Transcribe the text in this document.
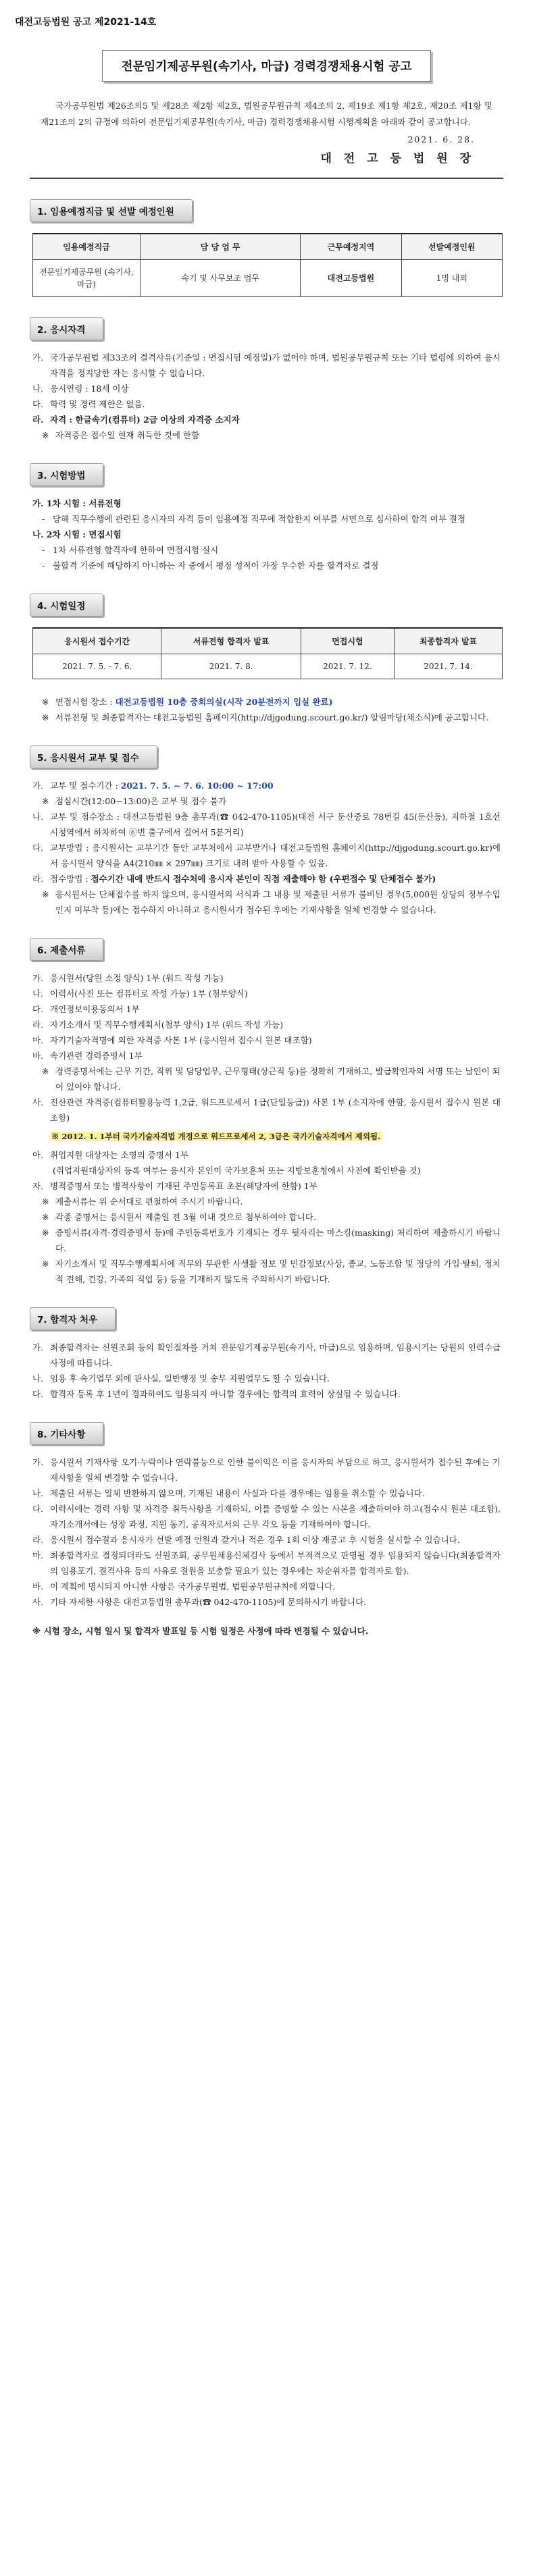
대전고등법원 공고 제2021-14호
전문임기제공무원(속기사, 마급) 경력경쟁채용시험 공고
국가공무원법 제26조의5 및 제28조 제2항 제2호, 법원공무원규칙 제4조의 2, 제19조 제1항 제2호, 제20조 제1항 및 제21조의 2의 규정에 의하여 전문임기제공무원(속기사, 마급) 경력경쟁채용시험 시행계획을 아래와 같이 공고합니다.
2021. 6. 28.
대 전 고 등 법 원 장
1. 임용예정직급 및 선발 예정인원
임용예정직급	담 당 업 무	근무예정지역	선발예정인원
전문임기제공무원 (속기사, 마급)	속기 및 사무보조 업무	대전고등법원	1명 내외
2. 응시자격
가. 국가공무원법 제33조의 결격사유(기준일 : 면접시험 예정일)가 없어야 하며, 법원공무원규칙 또는 기타 법령에 의하여 응시자격을 정지당한 자는 응시할 수 없습니다.
나. 응시연령 : 18세 이상
다. 학력 및 경력 제한은 없음.
라. 자격 : 한글속기(컴퓨터) 2급 이상의 자격증 소지자
※ 자격증은 접수일 현재 취득한 것에 한함
3. 시험방법
가. 1차 시험 : 서류전형
- 당해 직무수행에 관련된 응시자의 자격 등이 임용예정 직무에 적합한지 여부를 서면으로 심사하여 합격 여부 결정
나. 2차 시험 : 면접시험
- 1차 서류전형 합격자에 한하여 면접시험 실시
- 불합격 기준에 해당하지 아니하는 자 중에서 평정 성적이 가장 우수한 자를 합격자로 결정
4. 시험일정
응시원서 접수기간	서류전형 합격자 발표	면접시험	최종합격자 발표
2021. 7. 5. - 7. 6.	2021. 7. 8.	2021. 7. 12.	2021. 7. 14.
※ 면접시험 장소 : 대전고등법원 10층 중회의실(시작 20분전까지 입실 완료)
※ 서류전형 및 최종합격자는 대전고등법원 홈페이지(http://djgodung.scourt.go.kr/) 알림마당(채소식)에 공고합니다.
5. 응시원서 교부 및 접수
가. 교부 및 접수기간 : 2021. 7. 5. ~ 7. 6. 10:00 ~ 17:00
※ 점심시간(12:00~13:00)은 교부 및 접수 불가
나. 교부 및 접수장소 : 대전고등법원 9층 총무과(☎ 042-470-1105)(대전 서구 둔산중로 78번길 45(둔산동), 지하철 1호선 시청역에서 하차하여 ⑥번 출구에서 걸어서 5분거리)
다. 교부방법 : 응시원서는 교부기간 동안 교부처에서 교부받거나 대전고등법원 홈페이지(http://djgodung.scourt.go.kr)에서 응시원서 양식을 A4(210㎜ × 297㎜) 크기로 내려 받아 사용할 수 있음.
라. 접수방법 : 접수기간 내에 반드시 접수처에 응시자 본인이 직접 제출해야 함 (우편접수 및 단체접수 불가)
※ 응시원서는 단체접수를 하지 않으며, 응시원서의 서식과 그 내용 및 제출된 서류가 불비된 경우(5,000원 상당의 정부수입인지 미부착 등)에는 접수하지 아니하고 응시원서가 접수된 후에는 기재사항을 일체 변경할 수 없습니다.
6. 제출서류
가. 응시원서(당원 소정 양식) 1부 (워드 작성 가능)
나. 이력서(사진 또는 컴퓨터로 작성 가능) 1부 (첨부양식)
다. 개인정보이용동의서 1부
라. 자기소개서 및 직무수행계획서(첨부 양식) 1부 (워드 작성 가능)
마. 자기기술자격명에 의한 자격증 사본 1부 (응시원서 접수시 원본 대조함)
바. 속기관련 경력증명서 1부
※ 경력증명서에는 근무 기간, 직위 및 담당업무, 근무형태(상근직 등)를 정확히 기재하고, 발급확인자의 서명 또는 날인이 되어 있어야 합니다.
사. 전산관련 자격증(컴퓨터활용능력 1,2급, 워드프로세서 1급(단일등급)) 사본 1부 (소지자에 한함, 응시원서 접수시 원본 대조함)
※ 2012. 1. 1부터 국가기술자격법 개정으로 워드프로세서 2, 3급은 국가기술자격에서 제외됨.
아. 취업지원 대상자는 소명의 증명서 1부
(취업지원대상자의 등록 여부는 응시자 본인이 국가보훈처 또는 지방보훈청에서 사전에 확인받을 것)
자. 병적증명서 또는 병적사항이 기재된 주민등록표 초본(해당자에 한함) 1부
※ 제출서류는 위 순서대로 편철하여 주시기 바랍니다.
※ 각종 증명서는 응시원서 제출일 전 3월 이내 것으로 첨부하여야 합니다.
※ 증빙서류(자격·경력증명서 등)에 주민등록번호가 기재되는 경우 뒷자리는 마스킹(masking) 처리하여 제출하시기 바랍니다.
※ 자기소개서 및 직무수행계획서에 직무와 무관한 사생활 정보 및 민감정보(사상, 종교, 노동조합 및 정당의 가입·탈퇴, 정치적 견해, 건강, 가족의 직업 등) 등을 기재하지 않도록 주의하시기 바랍니다.
7. 합격자 처우
가. 최종합격자는 신원조회 등의 확인절차를 거쳐 전문임기제공무원(속기사, 마급)으로 임용하며, 임용시기는 당원의 인력수급사정에 따릅니다.
나. 임용 후 속기업무 외에 판사실, 일반행정 및 송무 지원업무도 할 수 있습니다.
다. 합격자 등록 후 1년이 경과하여도 임용되지 아니할 경우에는 합격의 효력이 상실될 수 있습니다.
8. 기타사항
가. 응시원서 기재사항 오기·누락이나 연락불능으로 인한 불이익은 이를 응시자의 부담으로 하고, 응시원서가 접수된 후에는 기재사항을 일체 변경할 수 없습니다.
나. 제출된 서류는 일체 반환하지 않으며, 기재된 내용이 사실과 다를 경우에는 임용을 취소할 수 있습니다.
다. 이력서에는 경력 사항 및 자격증 취득사항을 기재하되, 이를 증명할 수 있는 사본을 제출하여야 하고(접수시 원본 대조함), 자기소개서에는 성장 과정, 지원 동기, 공직자로서의 근무 각오 등을 기재하여야 합니다.
라. 응시원서 접수결과 응시자가 선발 예정 인원과 같거나 적은 경우 1회 이상 재공고 후 시험을 실시할 수 있습니다.
마. 최종합격자로 결정되더라도 신원조회, 공무원채용신체검사 등에서 부적격으로 판명될 경우 임용되지 않습니다(최종합격자의 임용포기, 결격사유 등의 사유로 결원을 보충할 필요가 있는 경우에는 차순위자를 합격자로 함).
바. 이 계획에 명시되지 아니한 사항은 국가공무원법, 법원공무원규칙에 의합니다.
사. 기타 자세한 사항은 대전고등법원 총무과(☎ 042-470-1105)에 문의하시기 바랍니다.
※ 시험 장소, 시험 일시 및 합격자 발표일 등 시험 일정은 사정에 따라 변경될 수 있습니다.
